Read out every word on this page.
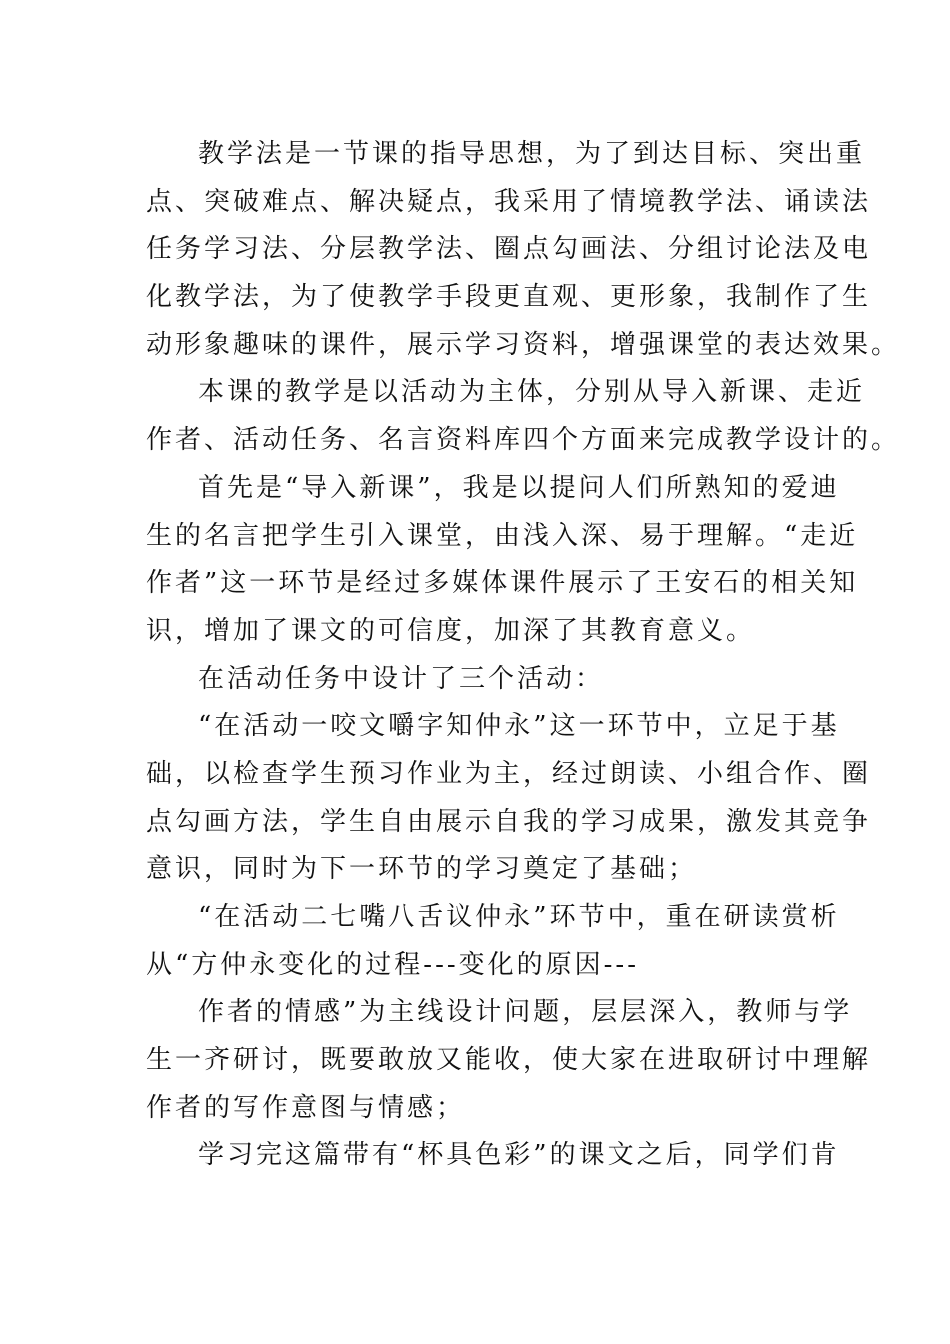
教学法是一节课的指导思想，为了到达目标、突出重
点、突破难点、解决疑点，我采用了情境教学法、诵读法
任务学习法、分层教学法、圈点勾画法、分组讨论法及电
化教学法，为了使教学手段更直观、更形象，我制作了生
动形象趣味的课件，展示学习资料，增强课堂的表达效果。
本课的教学是以活动为主体，分别从导入新课、走近
作者、活动任务、名言资料库四个方面来完成教学设计的。
首先是“导入新课”，我是以提问人们所熟知的爱迪
生的名言把学生引入课堂，由浅入深、易于理解。“走近
作者”这一环节是经过多媒体课件展示了王安石的相关知
识，增加了课文的可信度，加深了其教育意义。
在活动任务中设计了三个活动：
“在活动一咬文嚼字知仲永”这一环节中，立足于基
础，以检查学生预习作业为主，经过朗读、小组合作、圈
点勾画方法，学生自由展示自我的学习成果，激发其竞争
意识，同时为下一环节的学习奠定了基础；
“在活动二七嘴八舌议仲永”环节中，重在研读赏析
从“方仲永变化的过程---变化的原因---
作者的情感”为主线设计问题，层层深入，教师与学
生一齐研讨，既要敢放又能收，使大家在进取研讨中理解
作者的写作意图与情感；
学习完这篇带有“杯具色彩”的课文之后，同学们肯
